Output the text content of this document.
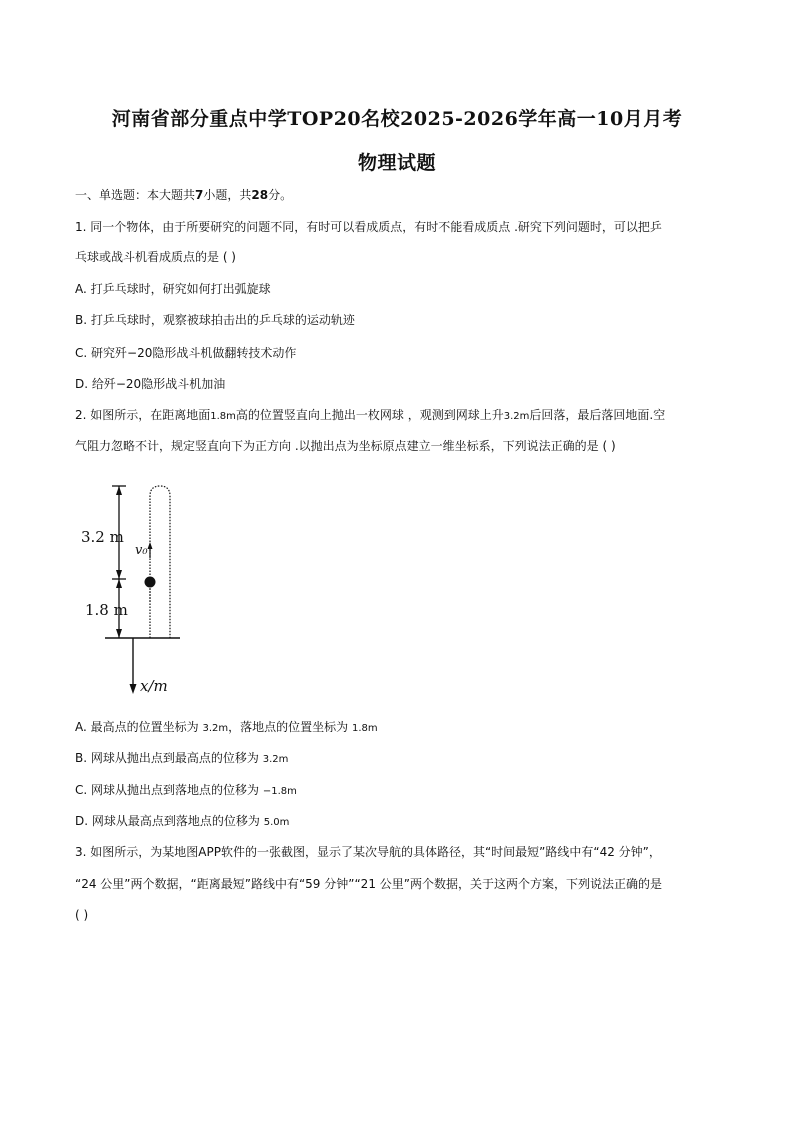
河南省部分重点中学TOP20名校2025-2026学年高一10月月考
物理试题
一、单选题：本大题共7小题，共28分。
1. 同一个物体，由于所要研究的问题不同，有时可以看成质点，有时不能看成质点 .研究下列问题时，可以把乒
乓球或战斗机看成质点的是 ( )
A. 打乒乓球时，研究如何打出弧旋球
B. 打乒乓球时，观察被球拍击出的乒乓球的运动轨迹
C. 研究歼−20隐形战斗机做翻转技术动作
D. 给歼−20隐形战斗机加油
2. 如图所示，在距离地面1.8m高的位置竖直向上抛出一枚网球 ，观测到网球上升3.2m后回落，最后落回地面.空
气阻力忽略不计，规定竖直向下为正方向 .以抛出点为坐标原点建立一维坐标系，下列说法正确的是 ( )
3.2 m
1.8 m
v₀
x/m
A. 最高点的位置坐标为 3.2m，落地点的位置坐标为 1.8m
B. 网球从抛出点到最高点的位移为 3.2m
C. 网球从抛出点到落地点的位移为 −1.8m
D. 网球从最高点到落地点的位移为 5.0m
3. 如图所示，为某地图APP软件的一张截图，显示了某次导航的具体路径，其“时间最短”路线中有“42 分钟”，
“24 公里”两个数据，“距离最短”路线中有“59 分钟”“21 公里”两个数据，关于这两个方案，下列说法正确的是
( )
